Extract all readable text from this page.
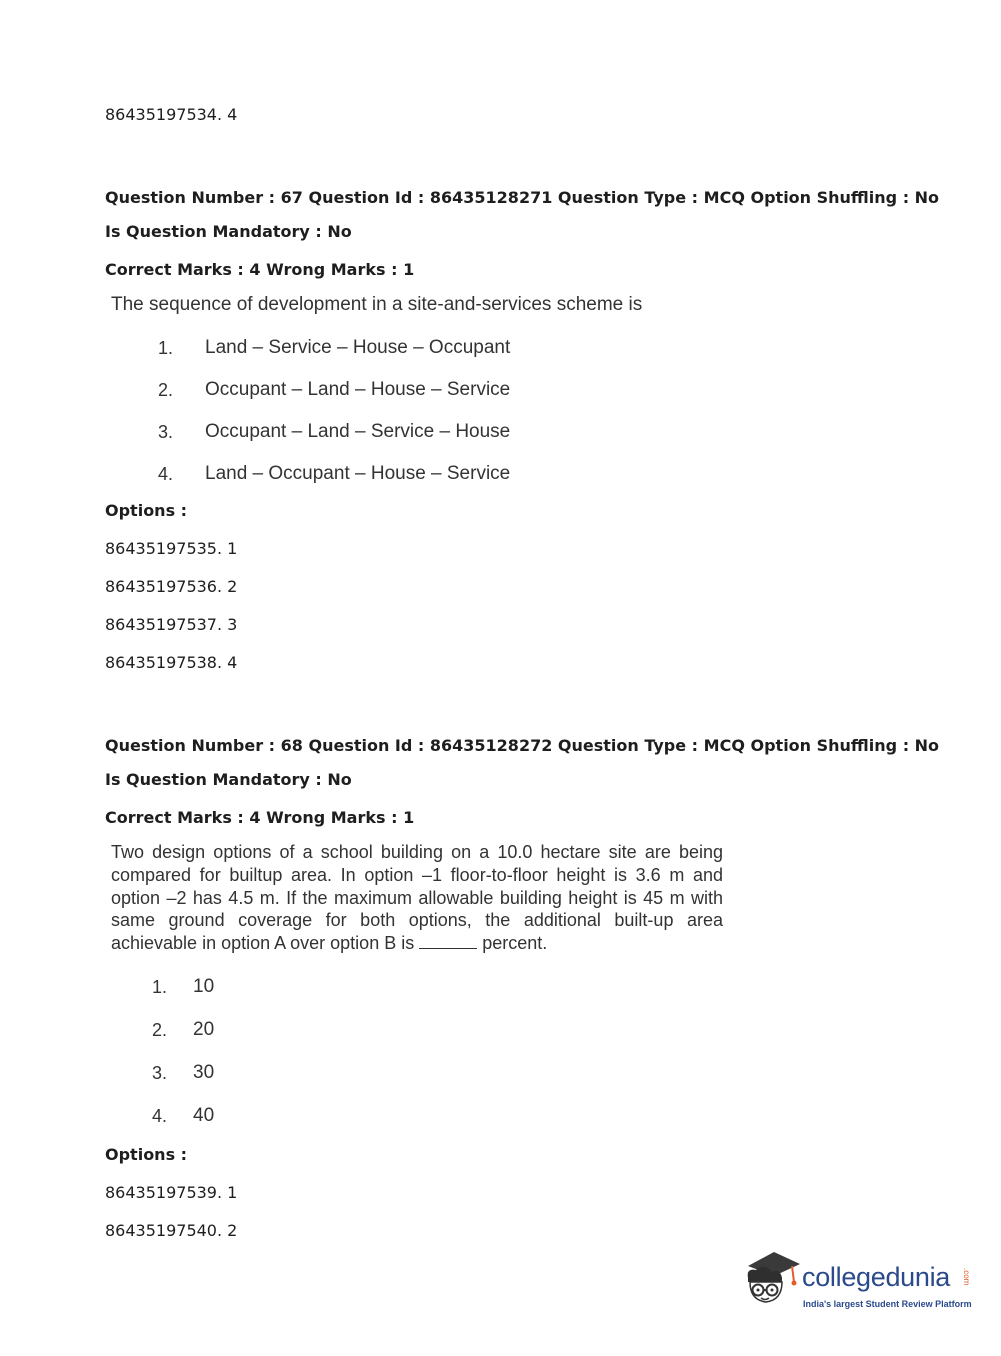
86435197534. 4
Question Number : 67 Question Id : 86435128271 Question Type : MCQ Option Shuffling : No
Is Question Mandatory : No
Correct Marks : 4 Wrong Marks : 1
The sequence of development in a site-and-services scheme is
1. Land – Service – House – Occupant
2. Occupant – Land – House – Service
3. Occupant – Land – Service – House
4. Land – Occupant – House – Service
Options :
86435197535. 1
86435197536. 2
86435197537. 3
86435197538. 4
Question Number : 68 Question Id : 86435128272 Question Type : MCQ Option Shuffling : No
Is Question Mandatory : No
Correct Marks : 4 Wrong Marks : 1
Two design options of a school building on a 10.0 hectare site are being compared for builtup area. In option –1 floor-to-floor height is 3.6 m and option –2 has 4.5 m. If the maximum allowable building height is 45 m with same ground coverage for both options, the additional built-up area achievable in option A over option B is	percent.
1. 10
2. 20
3. 30
4. 40
Options :
86435197539. 1
86435197540. 2
collegedunia .com
India's largest Student Review Platform
